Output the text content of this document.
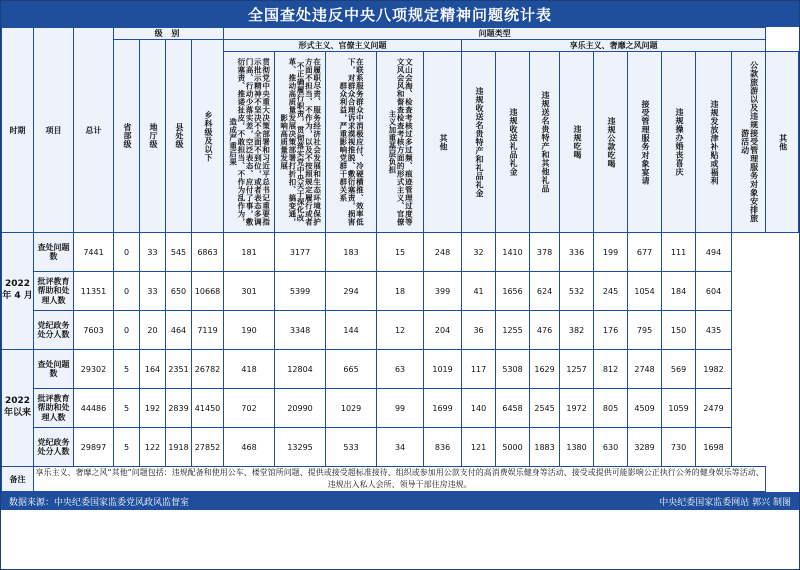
全国查处违反中央八项规定精神问题统计表
时期	项目	总计	级 别				问题类型														

			省部级	地厅级	县处级	乡科级及以下	形式主义、官僚主义问题					享乐主义、奢靡之风问题									

							贯彻党中央重大决策部署和习近平总书记重要指示批示精神不坚决不全面不到位，或者表态多调门高、行动少落实差，空泛表态、应付了事，敷衍塞责、推诿扯皮，不敢担当、不作为乱作为，造成严重后果	在履职尽责、服务经济社会发展和生态环境保护方面不担当、不作为，以及不按照规定履行或者不正确履行职责，贯彻落实党中央关于深化改革、推动高质量发展决策部署打折扣、搞变通，影响高质量发展	在联系服务群众中消极应付、冷硬横推、效率低下，对群众合理诉求漠视推脱、敷衍塞责，损害群众利益，严重影响党群干群关系	文山会海、检查考核过多过频、痕迹管理过度等文风会风和督查检查考核方面的形式主义、官僚主义加重基层负担	其他	违规收送名贵特产和礼品礼金	违规收送礼品礼金	违规送名贵特产和其他礼品	违规吃喝	违规公款吃喝	接受管理服务对象宴请	违规操办婚丧喜庆	违规发放津补贴或福利	公款旅游以及违规接受管理服务对象安排旅游活动	其他

2022 年 4 月	查处问题数	7441	0	33	545	6863	181	3177	183	15	248	32	1410	378	336	199	677	111	494		
	批评教育帮助和处理人数	11351	0	33	650	10668	301	5399	294	18	399	41	1656	624	532	245	1054	184	604		
	党纪政务处分人数	7603	0	20	464	7119	190	3348	144	12	204	36	1255	476	382	176	795	150	435		
2022 年以来	查处问题数	29302	5	164	2351	26782	418	12804	665	63	1019	117	5308	1629	1257	812	2748	569	1982		
	批评教育帮助和处理人数	44486	5	192	2839	41450	702	20990	1029	99	1699	140	6458	2545	1972	805	4509	1059	2479		
	党纪政务处分人数	29897	5	122	1918	27852	468	13295	533	34	836	121	5000	1883	1380	630	3289	730	1698		
备注	享乐主义、奢靡之风“其他”问题包括：违规配备和使用公车、楼堂馆所问题、提供或接受超标准接待、组织或参加用公款支付的高消费娱乐健身等活动、接受或提供可能影响公正执行公务的健身娱乐等活动、违规出入私人会所、领导干部住房违规。																				
数据来源：中央纪委国家监委党风政风监督室	中央纪委国家监委网站 郭兴 制图
